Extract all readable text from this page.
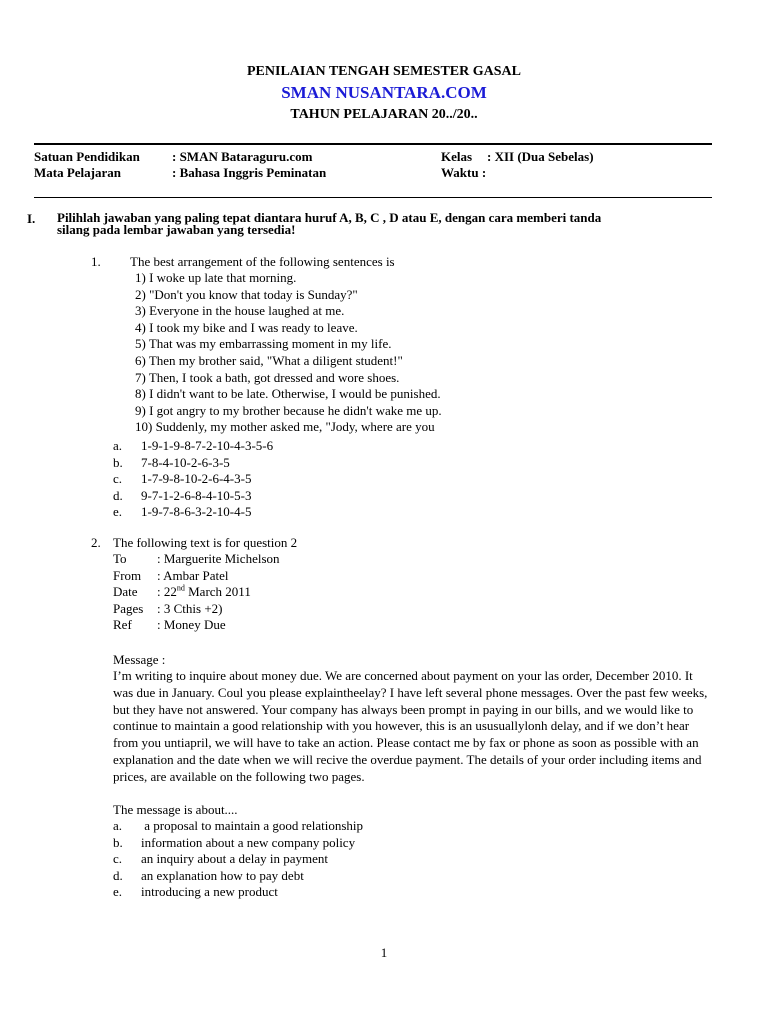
PENILAIAN TENGAH SEMESTER GASAL
SMAN NUSANTARA.COM
TAHUN PELAJARAN 20../20..
Satuan Pendidikan : SMAN Bataraguru.com	Kelas : XII (Dua Sebelas)
Mata Pelajaran	: Bahasa Inggris Peminatan	Waktu :
I. Pilihlah jawaban yang paling tepat diantara huruf A, B, C , D atau E, dengan cara memberi tanda
silang pada lembar jawaban yang tersedia!
1. The best arrangement of the following sentences is
1) I woke up late that morning.
2) "Don't you know that today is Sunday?"
3) Everyone in the house laughed at me.
4) I took my bike and I was ready to leave.
5) That was my embarrassing moment in my life.
6) Then my brother said, "What a diligent student!"
7) Then, I took a bath, got dressed and wore shoes.
8) I didn't want to be late. Otherwise, I would be punished.
9) I got angry to my brother because he didn't wake me up.
10) Suddenly, my mother asked me, "Jody, where are you
a.	1-9-1-9-8-7-2-10-4-3-5-6
b.	7-8-4-10-2-6-3-5
c.	1-7-9-8-10-2-6-4-3-5
d.	9-7-1-2-6-8-4-10-5-3
e.	1-9-7-8-6-3-2-10-4-5
2. The following text is for question 2
To	: Marguerite Michelson
From	: Ambar Patel
Date	: 22nd March 2011
Pages	: 3 Cthis +2)
Ref	: Money Due
Message :
I’m writing to inquire about money due. We are concerned about payment on your las order, December 2010. It was due in January. Coul you please explaintheelay? I have left several phone messages. Over the past few weeks, but they have not answered. Your company has always been prompt in paying in our bills, and we would like to continue to maintain a good relationship with you however, this is an ususuallylonh delay, and if we don’t hear from you untiapril, we will have to take an action. Please contact me by fax or phone as soon as possible with an explanation and the date when we will recive the overdue payment. The details of your order including items and prices, are available on the following two pages.
The message is about....
a.	a proposal to maintain a good relationship
b.	information about a new company policy
c.	an inquiry about a delay in payment
d.	an explanation how to pay debt
e.	introducing a new product
1
